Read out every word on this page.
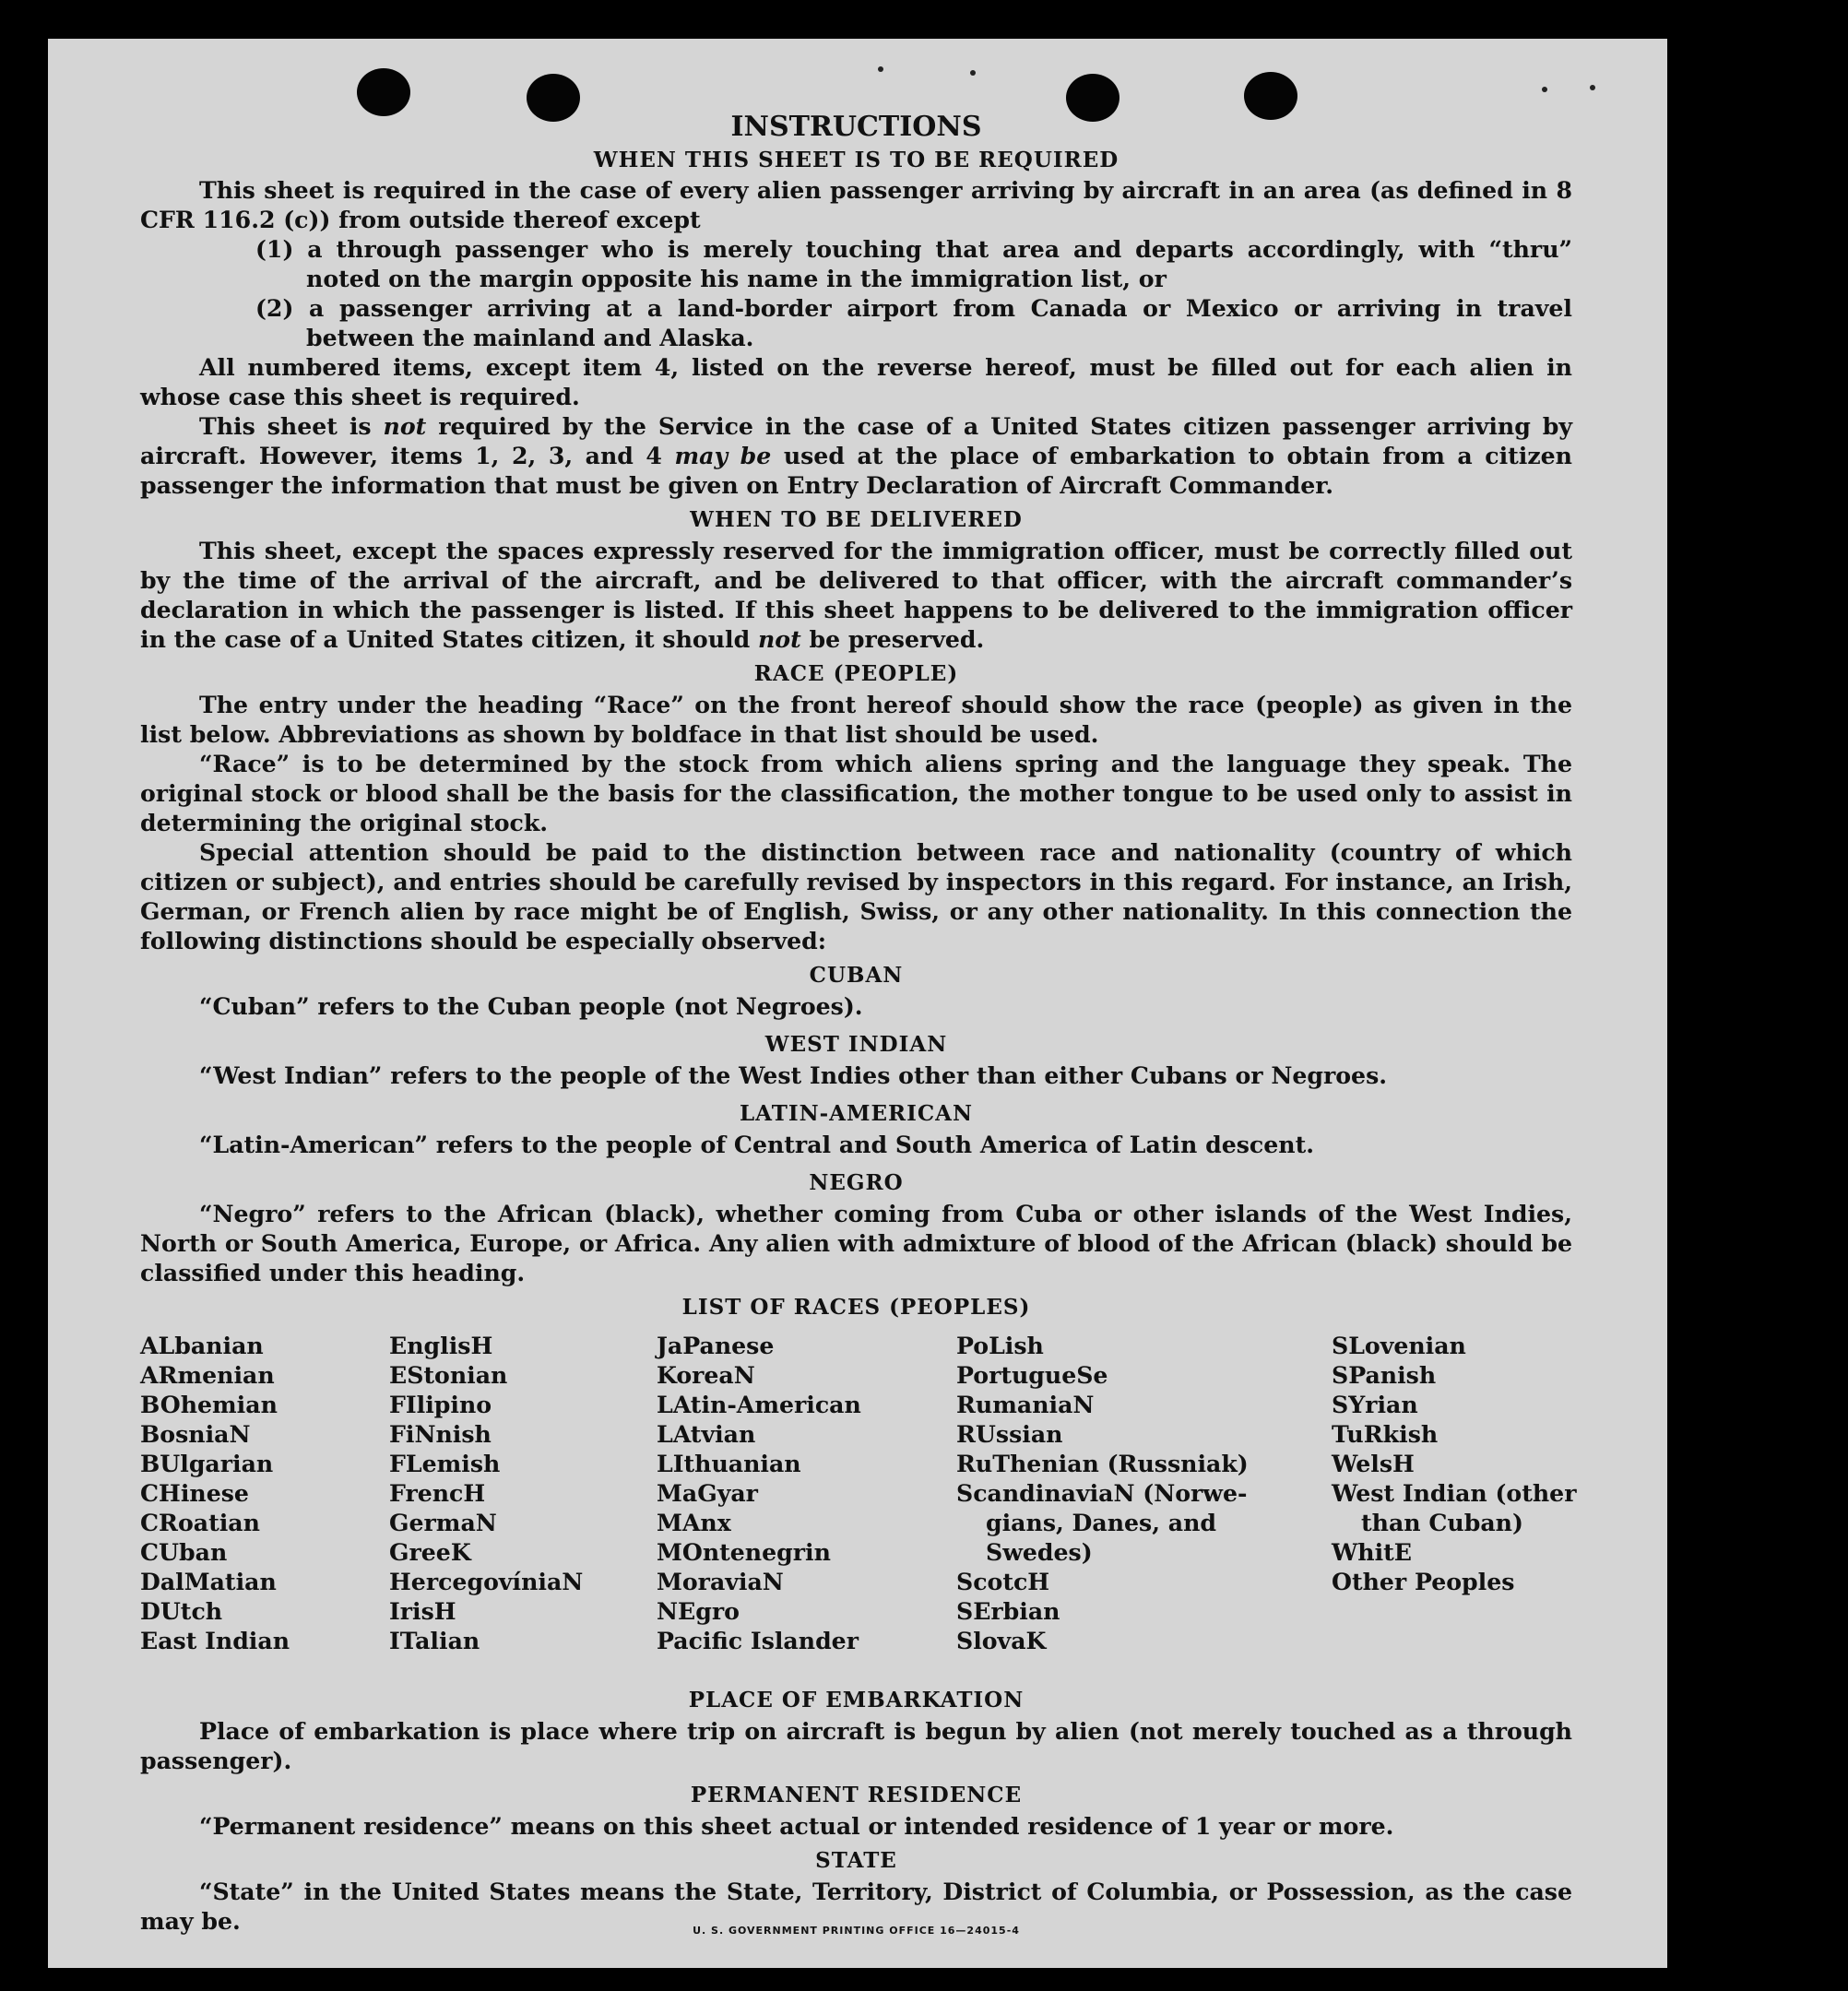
INSTRUCTIONS
WHEN THIS SHEET IS TO BE REQUIRED

This sheet is required in the case of every alien passenger arriving by aircraft in an area (as defined in 8 CFR 116.2 (c)) from outside thereof except

(1) a through passenger who is merely touching that area and departs accordingly, with “thru” noted on the margin opposite his name in the immigration list, or

(2) a passenger arriving at a land-border airport from Canada or Mexico or arriving in travel between the mainland and Alaska.

All numbered items, except item 4, listed on the reverse hereof, must be filled out for each alien in whose case this sheet is required.

This sheet is not required by the Service in the case of a United States citizen passenger arriving by aircraft. However, items 1, 2, 3, and 4 may be used at the place of embarkation to obtain from a citizen passenger the information that must be given on Entry Declaration of Aircraft Commander.

WHEN TO BE DELIVERED

This sheet, except the spaces expressly reserved for the immigration officer, must be correctly filled out by the time of the arrival of the aircraft, and be delivered to that officer, with the aircraft commander’s declaration in which the passenger is listed. If this sheet happens to be delivered to the immigration officer in the case of a United States citizen, it should not be preserved.

RACE (PEOPLE)

The entry under the heading “Race” on the front hereof should show the race (people) as given in the list below. Abbreviations as shown by boldface in that list should be used.

“Race” is to be determined by the stock from which aliens spring and the language they speak. The original stock or blood shall be the basis for the classification, the mother tongue to be used only to assist in determining the original stock.

Special attention should be paid to the distinction between race and nationality (country of which citizen or subject), and entries should be carefully revised by inspectors in this regard. For instance, an Irish, German, or French alien by race might be of English, Swiss, or any other nationality. In this connection the following distinctions should be especially observed:

CUBAN

“Cuban” refers to the Cuban people (not Negroes).

WEST INDIAN

“West Indian” refers to the people of the West Indies other than either Cubans or Negroes.

LATIN-AMERICAN

“Latin-American” refers to the people of Central and South America of Latin descent.

NEGRO

“Negro” refers to the African (black), whether coming from Cuba or other islands of the West Indies, North or South America, Europe, or Africa. Any alien with admixture of blood of the African (black) should be classified under this heading.

LIST OF RACES (PEOPLES)
ALbanian
ARmenian
BOhemian
BosniaN
BUlgarian
CHinese
CRoatian
CUban
DalMatian
DUtch
East Indian
EnglisH
EStonian
FIlipino
FiNnish
FLemish
FrencH
GermaN
GreeK
HercegovíniaN
IrisH
ITalian
JaPanese
KoreaN
LAtin-American
LAtvian
LIthuanian
MaGyar
MAnx
MOntenegrin
MoraviaN
NEgro
Pacific Islander
PoLish
PortugueSe
RumaniaN
RUssian
RuThenian (Russniak)
ScandinaviaN (Norwe-
gians, Danes, and
Swedes)
ScotcH
SErbian
SlovaK
SLovenian
SPanish
SYrian
TuRkish
WelsH
West Indian (other
than Cuban)
WhitE
Other Peoples
PLACE OF EMBARKATION

Place of embarkation is place where trip on aircraft is begun by alien (not merely touched as a through passenger).

PERMANENT RESIDENCE

“Permanent residence” means on this sheet actual or intended residence of 1 year or more.

STATE

“State” in the United States means the State, Territory, District of Columbia, or Possession, as the case may be.	U. S. GOVERNMENT PRINTING OFFICE 16—24015-4
